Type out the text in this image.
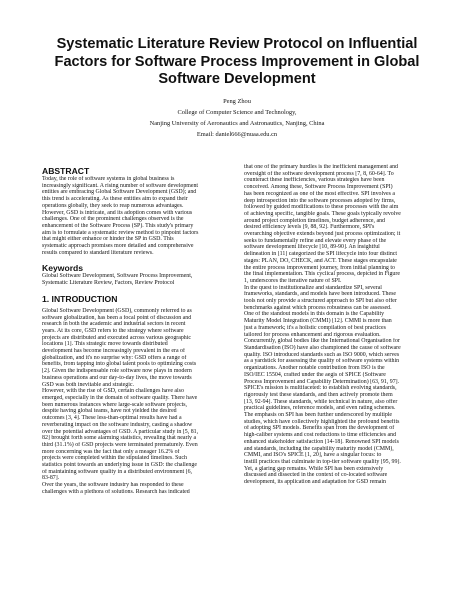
Systematic Literature Review Protocol on Influential
Factors for Software Process Improvement in Global
Software Development
Peng Zhou
College of Computer Science and Technology,
Nanjing University of Aeronautics and Astronautics, Nanjing, China
Email: daniel666@nuaa.edu.cn
ABSTRACT
Today, the role of software systems in global business is
increasingly significant. A rising number of software development
entities are embracing Global Software Development (GSD); and
this trend is accelerating. As these entities aim to expand their
operations globally, they seek to reap numerous advantages.
However, GSD is intricate, and its adoption comes with various
challenges. One of the prominent challenges observed is the
enhancement of the Software Process (SP). This study's primary
aim is to formulate a systematic review method to pinpoint factors
that might either enhance or hinder the SP in GSD. This
systematic approach promises more detailed and comprehensive
results compared to standard literature reviews.
Keywords
Global Software Development, Software Process Improvement,
Systematic Literature Review, Factors, Review Protocol
1. INTRODUCTION
Global Software Development (GSD), commonly referred to as
software globalization, has been a focal point of discussion and
research in both the academic and industrial sectors in recent
years. At its core, GSD refers to the strategy where software
projects are distributed and executed across various geographic
locations [1]. This strategic move towards distributed
development has become increasingly prevalent in the era of
globalization, and it's no surprise why: GSD offers a range of
benefits, from tapping into global talent pools to optimizing costs
[2]. Given the indispensable role software now plays in modern
business operations and our day-to-day lives, the move towards
GSD was both inevitable and strategic.
However, with the rise of GSD, certain challenges have also
emerged, especially in the domain of software quality. There have
been numerous instances where large-scale software projects,
despite having global teams, have not yielded the desired
outcomes [3, 4]. These less-than-optimal results have had a
reverberating impact on the software industry, casting a shadow
over the potential advantages of GSD. A particular study in [5, 81,
82] brought forth some alarming statistics, revealing that nearly a
third (31.1%) of GSD projects were terminated prematurely. Even
more concerning was the fact that only a meager 16.2% of
projects were completed within the stipulated timelines. Such
statistics point towards an underlying issue in GSD: the challenge
of maintaining software quality in a distributed environment [6,
83-87].
Over the years, the software industry has responded to these
challenges with a plethora of solutions. Research has indicated
that one of the primary hurdles is the inefficient management and
oversight of the software development process [7, 8, 60-64]. To
counteract these inefficiencies, various strategies have been
conceived. Among these, Software Process Improvement (SPI)
has been recognized as one of the most effective. SPI involves a
deep introspection into the software processes adopted by firms,
followed by guided modifications to these processes with the aim
of achieving specific, tangible goals. These goals typically revolve
around project completion timelines, budget adherence, and
desired efficiency levels [9, 88, 92]. Furthermore, SPI's
overarching objective extends beyond just process optimization; it
seeks to fundamentally refine and elevate every phase of the
software development lifecycle [10, 89-90]. An insightful
delineation in [11] categorized the SPI lifecycle into four distinct
stages: PLAN, DO, CHECK, and ACT. These stages encapsulate
the entire process improvement journey, from initial planning to
the final implementation. This cyclical process, depicted in Figure
1, underscores the iterative nature of SPI.
In the quest to institutionalize and standardize SPI, several
frameworks, standards, and models have been introduced. These
tools not only provide a structured approach to SPI but also offer
benchmarks against which process robustness can be assessed.
One of the standout models in this domain is the Capability
Maturity Model Integration (CMMI) [12]. CMMI is more than
just a framework; it's a holistic compilation of best practices
tailored for process enhancement and rigorous evaluation.
Concurrently, global bodies like the International Organisation for
Standardisation (ISO) have also championed the cause of software
quality. ISO introduced standards such as ISO 9000, which serves
as a yardstick for assessing the quality of software systems within
organizations. Another notable contribution from ISO is the
ISO/IEC 15504, crafted under the aegis of SPICE (Software
Process Improvement and Capability Determination) [63, 91, 97].
SPICE's mission is multifaceted: to establish evolving standards,
rigorously test these standards, and then actively promote them
[13, 92-94]. These standards, while technical in nature, also offer
practical guidelines, reference models, and even rating schemes.
The emphasis on SPI has been further underscored by multiple
studies, which have collectively highlighted the profound benefits
of adopting SPI models. Benefits span from the development of
high-caliber systems and cost reductions to time efficiencies and
enhanced stakeholder satisfaction [14-18]. Renowned SPI models
and standards, including the capability maturity model (CMM),
CMMI, and ISO's SPICE [1, 20], have a singular focus: to
instill practices that culminate in top-tier software quality [95, 99].
Yet, a glaring gap remains. While SPI has been extensively
discussed and dissected in the context of co-located software
development, its application and adaptation for GSD remain
